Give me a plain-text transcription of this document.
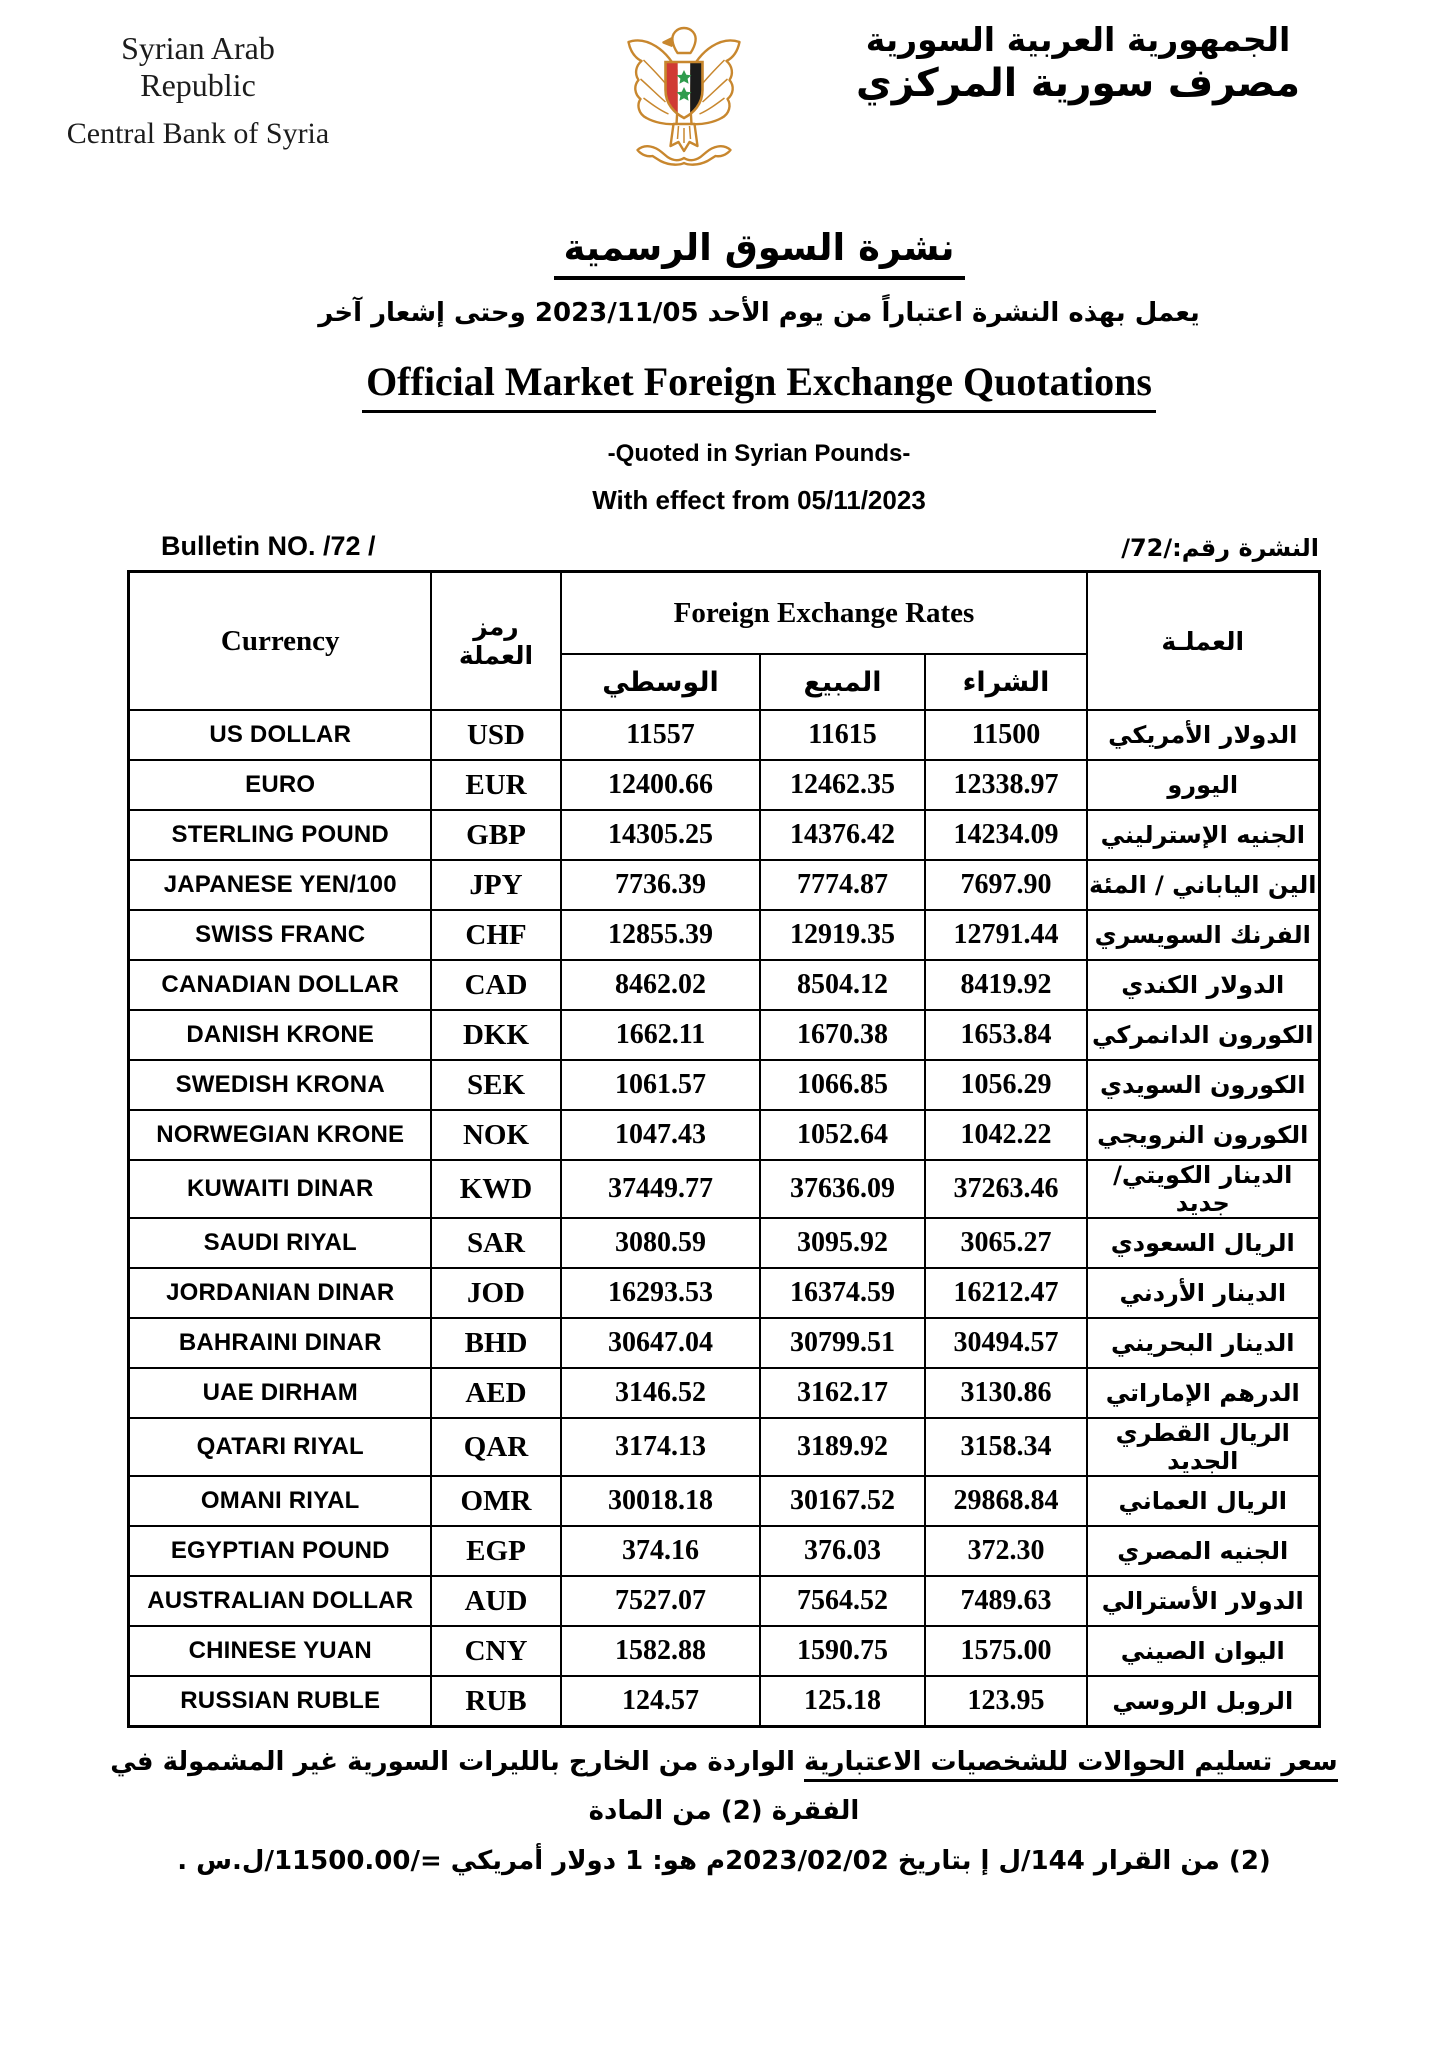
Syrian Arab Republic
Central Bank of Syria
الجمهورية العربية السورية
مصرف سورية المركزي
نشرة السوق الرسمية
يعمل بهذه النشرة اعتباراً من يوم الأحد 2023/11/05 وحتى إشعار آخر
Official Market Foreign Exchange Quotations
-Quoted in Syrian Pounds-
With effect from 05/11/2023
Bulletin NO. /72 /	النشرة رقم:/72/
Currency	رمز العملة	Foreign Exchange Rates			العملـة
		الوسطي	المبيع	الشراء	
US DOLLAR	USD	11557	11615	11500	الدولار الأمريكي
EURO	EUR	12400.66	12462.35	12338.97	اليورو
STERLING POUND	GBP	14305.25	14376.42	14234.09	الجنيه الإسترليني
JAPANESE YEN/100	JPY	7736.39	7774.87	7697.90	الين الياباني / المئة
SWISS FRANC	CHF	12855.39	12919.35	12791.44	الفرنك السويسري
CANADIAN DOLLAR	CAD	8462.02	8504.12	8419.92	الدولار الكندي
DANISH KRONE	DKK	1662.11	1670.38	1653.84	الكورون الدانمركي
SWEDISH KRONA	SEK	1061.57	1066.85	1056.29	الكورون السويدي
NORWEGIAN KRONE	NOK	1047.43	1052.64	1042.22	الكورون النرويجي
KUWAITI DINAR	KWD	37449.77	37636.09	37263.46	الدينار الكويتي/ جديد
SAUDI RIYAL	SAR	3080.59	3095.92	3065.27	الريال السعودي
JORDANIAN DINAR	JOD	16293.53	16374.59	16212.47	الدينار الأردني
BAHRAINI DINAR	BHD	30647.04	30799.51	30494.57	الدينار البحريني
UAE DIRHAM	AED	3146.52	3162.17	3130.86	الدرهم الإماراتي
QATARI RIYAL	QAR	3174.13	3189.92	3158.34	الريال القطري الجديد
OMANI RIYAL	OMR	30018.18	30167.52	29868.84	الريال العماني
EGYPTIAN POUND	EGP	374.16	376.03	372.30	الجنيه المصري
AUSTRALIAN DOLLAR	AUD	7527.07	7564.52	7489.63	الدولار الأسترالي
CHINESE YUAN	CNY	1582.88	1590.75	1575.00	اليوان الصيني
RUSSIAN RUBLE	RUB	124.57	125.18	123.95	الروبل الروسي
سعر تسليم الحوالات للشخصيات الاعتبارية الواردة من الخارج بالليرات السورية غير المشمولة في الفقرة (2) من المادة
(2) من القرار 144/ل إ بتاريخ 2023/02/02م هو: 1 دولار أمريكي =/11500.00/ل.س .
